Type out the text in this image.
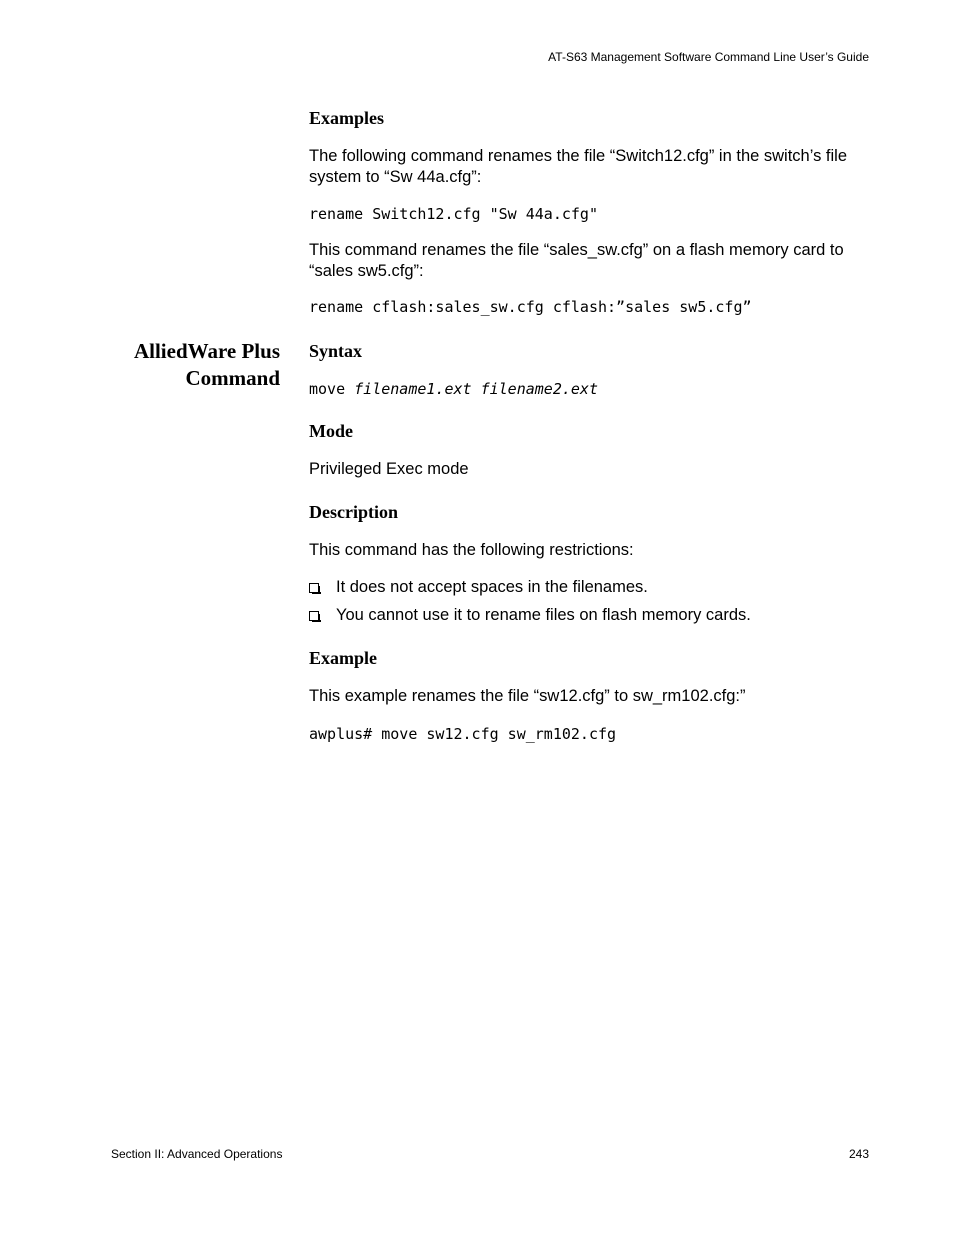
AT-S63 Management Software Command Line User’s Guide
Examples
The following command renames the file “Switch12.cfg” in the switch’s file
system to “Sw 44a.cfg”:
rename Switch12.cfg "Sw 44a.cfg"
This command renames the file “sales_sw.cfg” on a flash memory card to
“sales sw5.cfg”:
rename cflash:sales_sw.cfg cflash:”sales sw5.cfg”
AlliedWare Plus
Command
Syntax
move filename1.ext filename2.ext
Mode
Privileged Exec mode
Description
This command has the following restrictions:
It does not accept spaces in the filenames.
You cannot use it to rename files on flash memory cards.
Example
This example renames the file “sw12.cfg” to sw_rm102.cfg:”
awplus# move sw12.cfg sw_rm102.cfg
Section II: Advanced Operations	243
